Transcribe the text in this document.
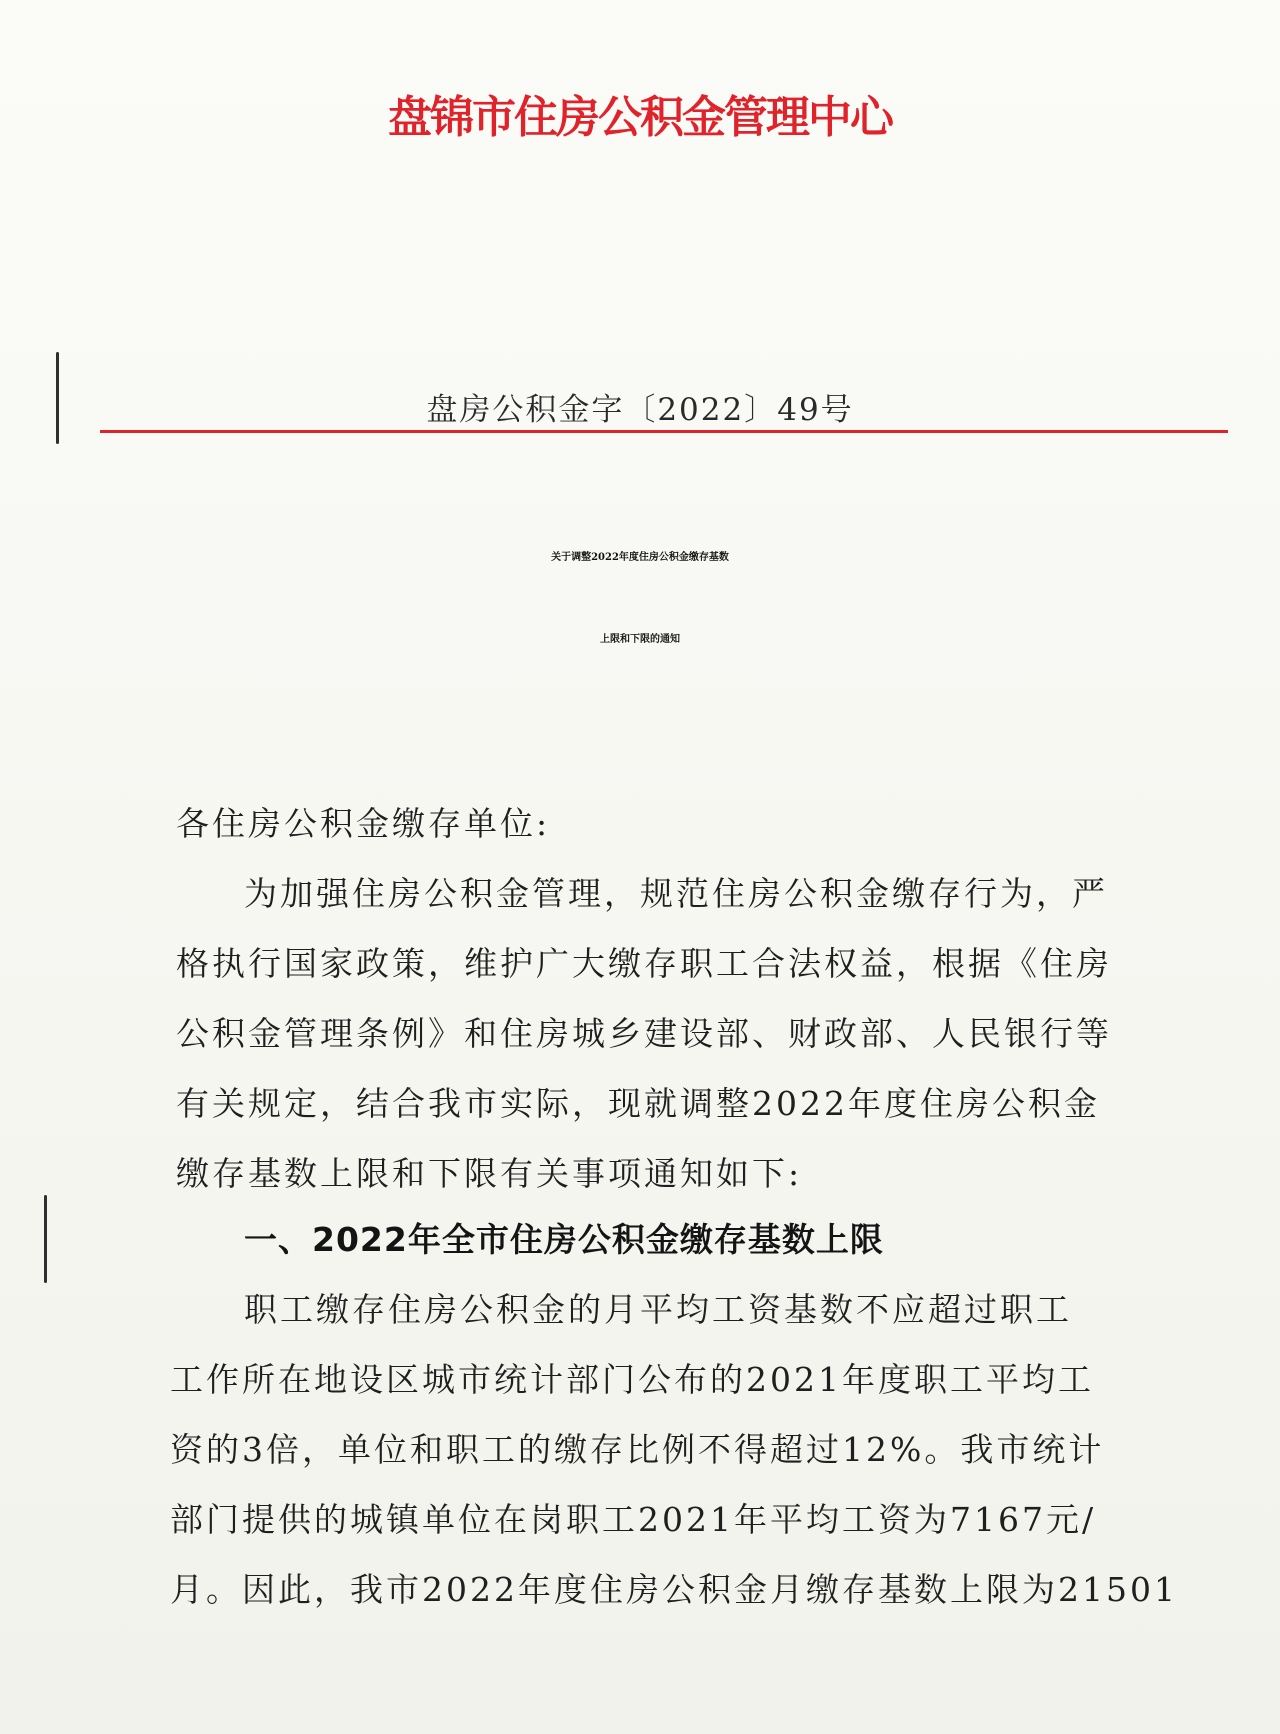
盘锦市住房公积金管理中心
盘房公积金字〔2022〕49号
关于调整2022年度住房公积金缴存基数
上限和下限的通知
各住房公积金缴存单位:
为加强住房公积金管理，规范住房公积金缴存行为，严
格执行国家政策，维护广大缴存职工合法权益，根据《住房
公积金管理条例》和住房城乡建设部、财政部、人民银行等
有关规定，结合我市实际，现就调整2022年度住房公积金
缴存基数上限和下限有关事项通知如下:
一、2022年全市住房公积金缴存基数上限
职工缴存住房公积金的月平均工资基数不应超过职工
工作所在地设区城市统计部门公布的2021年度职工平均工
资的3倍，单位和职工的缴存比例不得超过12%。我市统计
部门提供的城镇单位在岗职工2021年平均工资为7167元/
月。因此，我市2022年度住房公积金月缴存基数上限为21501
